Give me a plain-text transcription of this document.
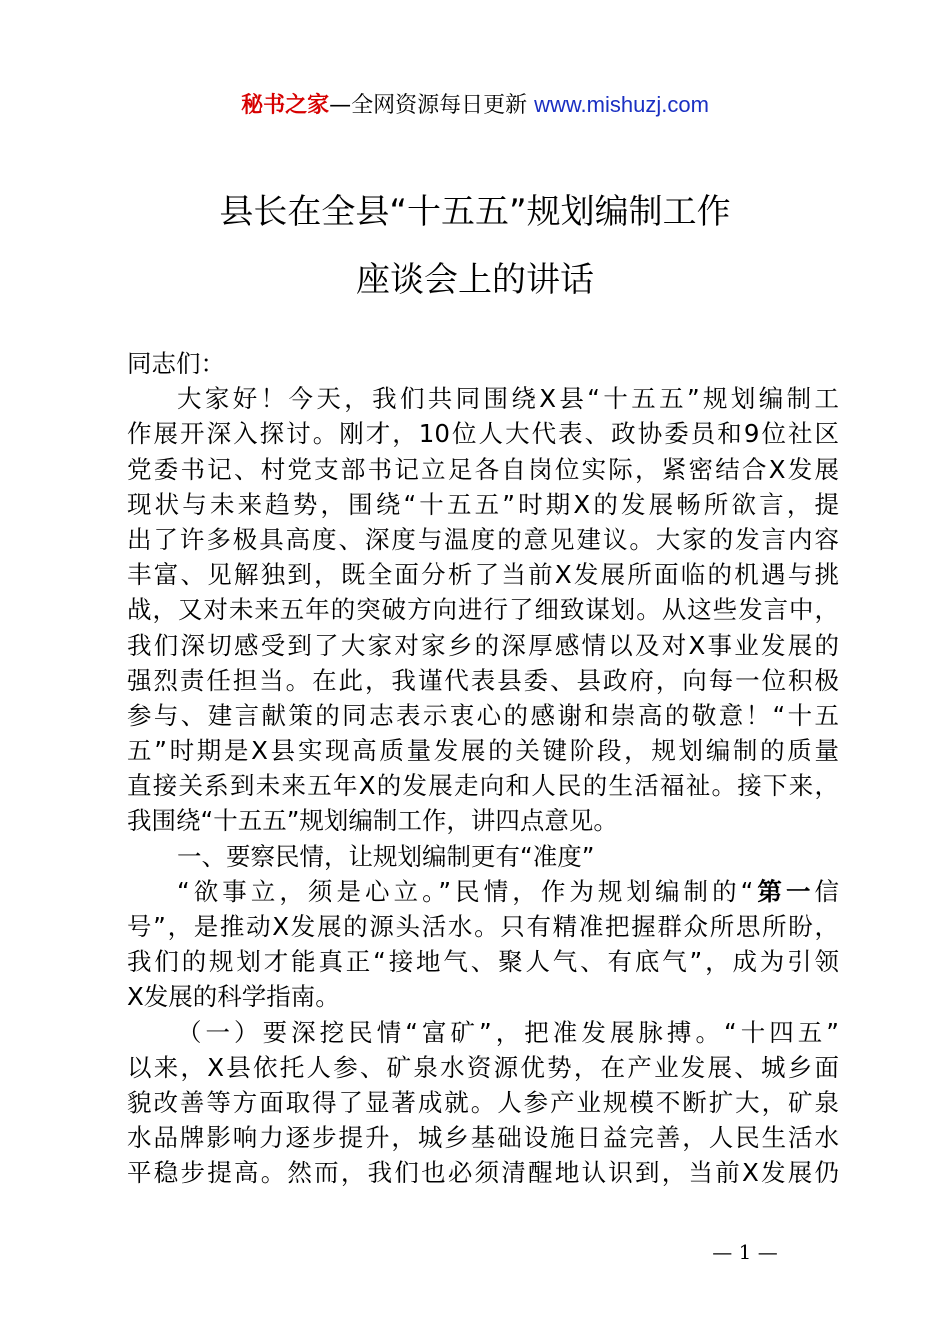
秘书之家—全网资源每日更新 www.mishuzj.com
县长在全县“十五五”规划编制工作
座谈会上的讲话
同志们：
大家好！今天，我们共同围绕X县“十五五”规划编制工
作展开深入探讨。刚才，10位人大代表、政协委员和9位社区
党委书记、村党支部书记立足各自岗位实际，紧密结合X发展
现状与未来趋势，围绕“十五五”时期X的发展畅所欲言，提
出了许多极具高度、深度与温度的意见建议。大家的发言内容
丰富、见解独到，既全面分析了当前X发展所面临的机遇与挑
战，又对未来五年的突破方向进行了细致谋划。从这些发言中，
我们深切感受到了大家对家乡的深厚感情以及对X事业发展的
强烈责任担当。在此，我谨代表县委、县政府，向每一位积极
参与、建言献策的同志表示衷心的感谢和崇高的敬意！“十五
五”时期是X县实现高质量发展的关键阶段，规划编制的质量
直接关系到未来五年X的发展走向和人民的生活福祉。接下来，
我围绕“十五五”规划编制工作，讲四点意见。
一、要察民情，让规划编制更有“准度”
“欲事立，须是心立。”民情，作为规划编制的“第一信
号”，是推动X发展的源头活水。只有精准把握群众所思所盼，
我们的规划才能真正“接地气、聚人气、有底气”，成为引领
X发展的科学指南。
（一）要深挖民情“富矿”，把准发展脉搏。“十四五”
以来，X县依托人参、矿泉水资源优势，在产业发展、城乡面
貌改善等方面取得了显著成就。人参产业规模不断扩大，矿泉
水品牌影响力逐步提升，城乡基础设施日益完善，人民生活水
平稳步提高。然而，我们也必须清醒地认识到，当前X发展仍
— 1 —
